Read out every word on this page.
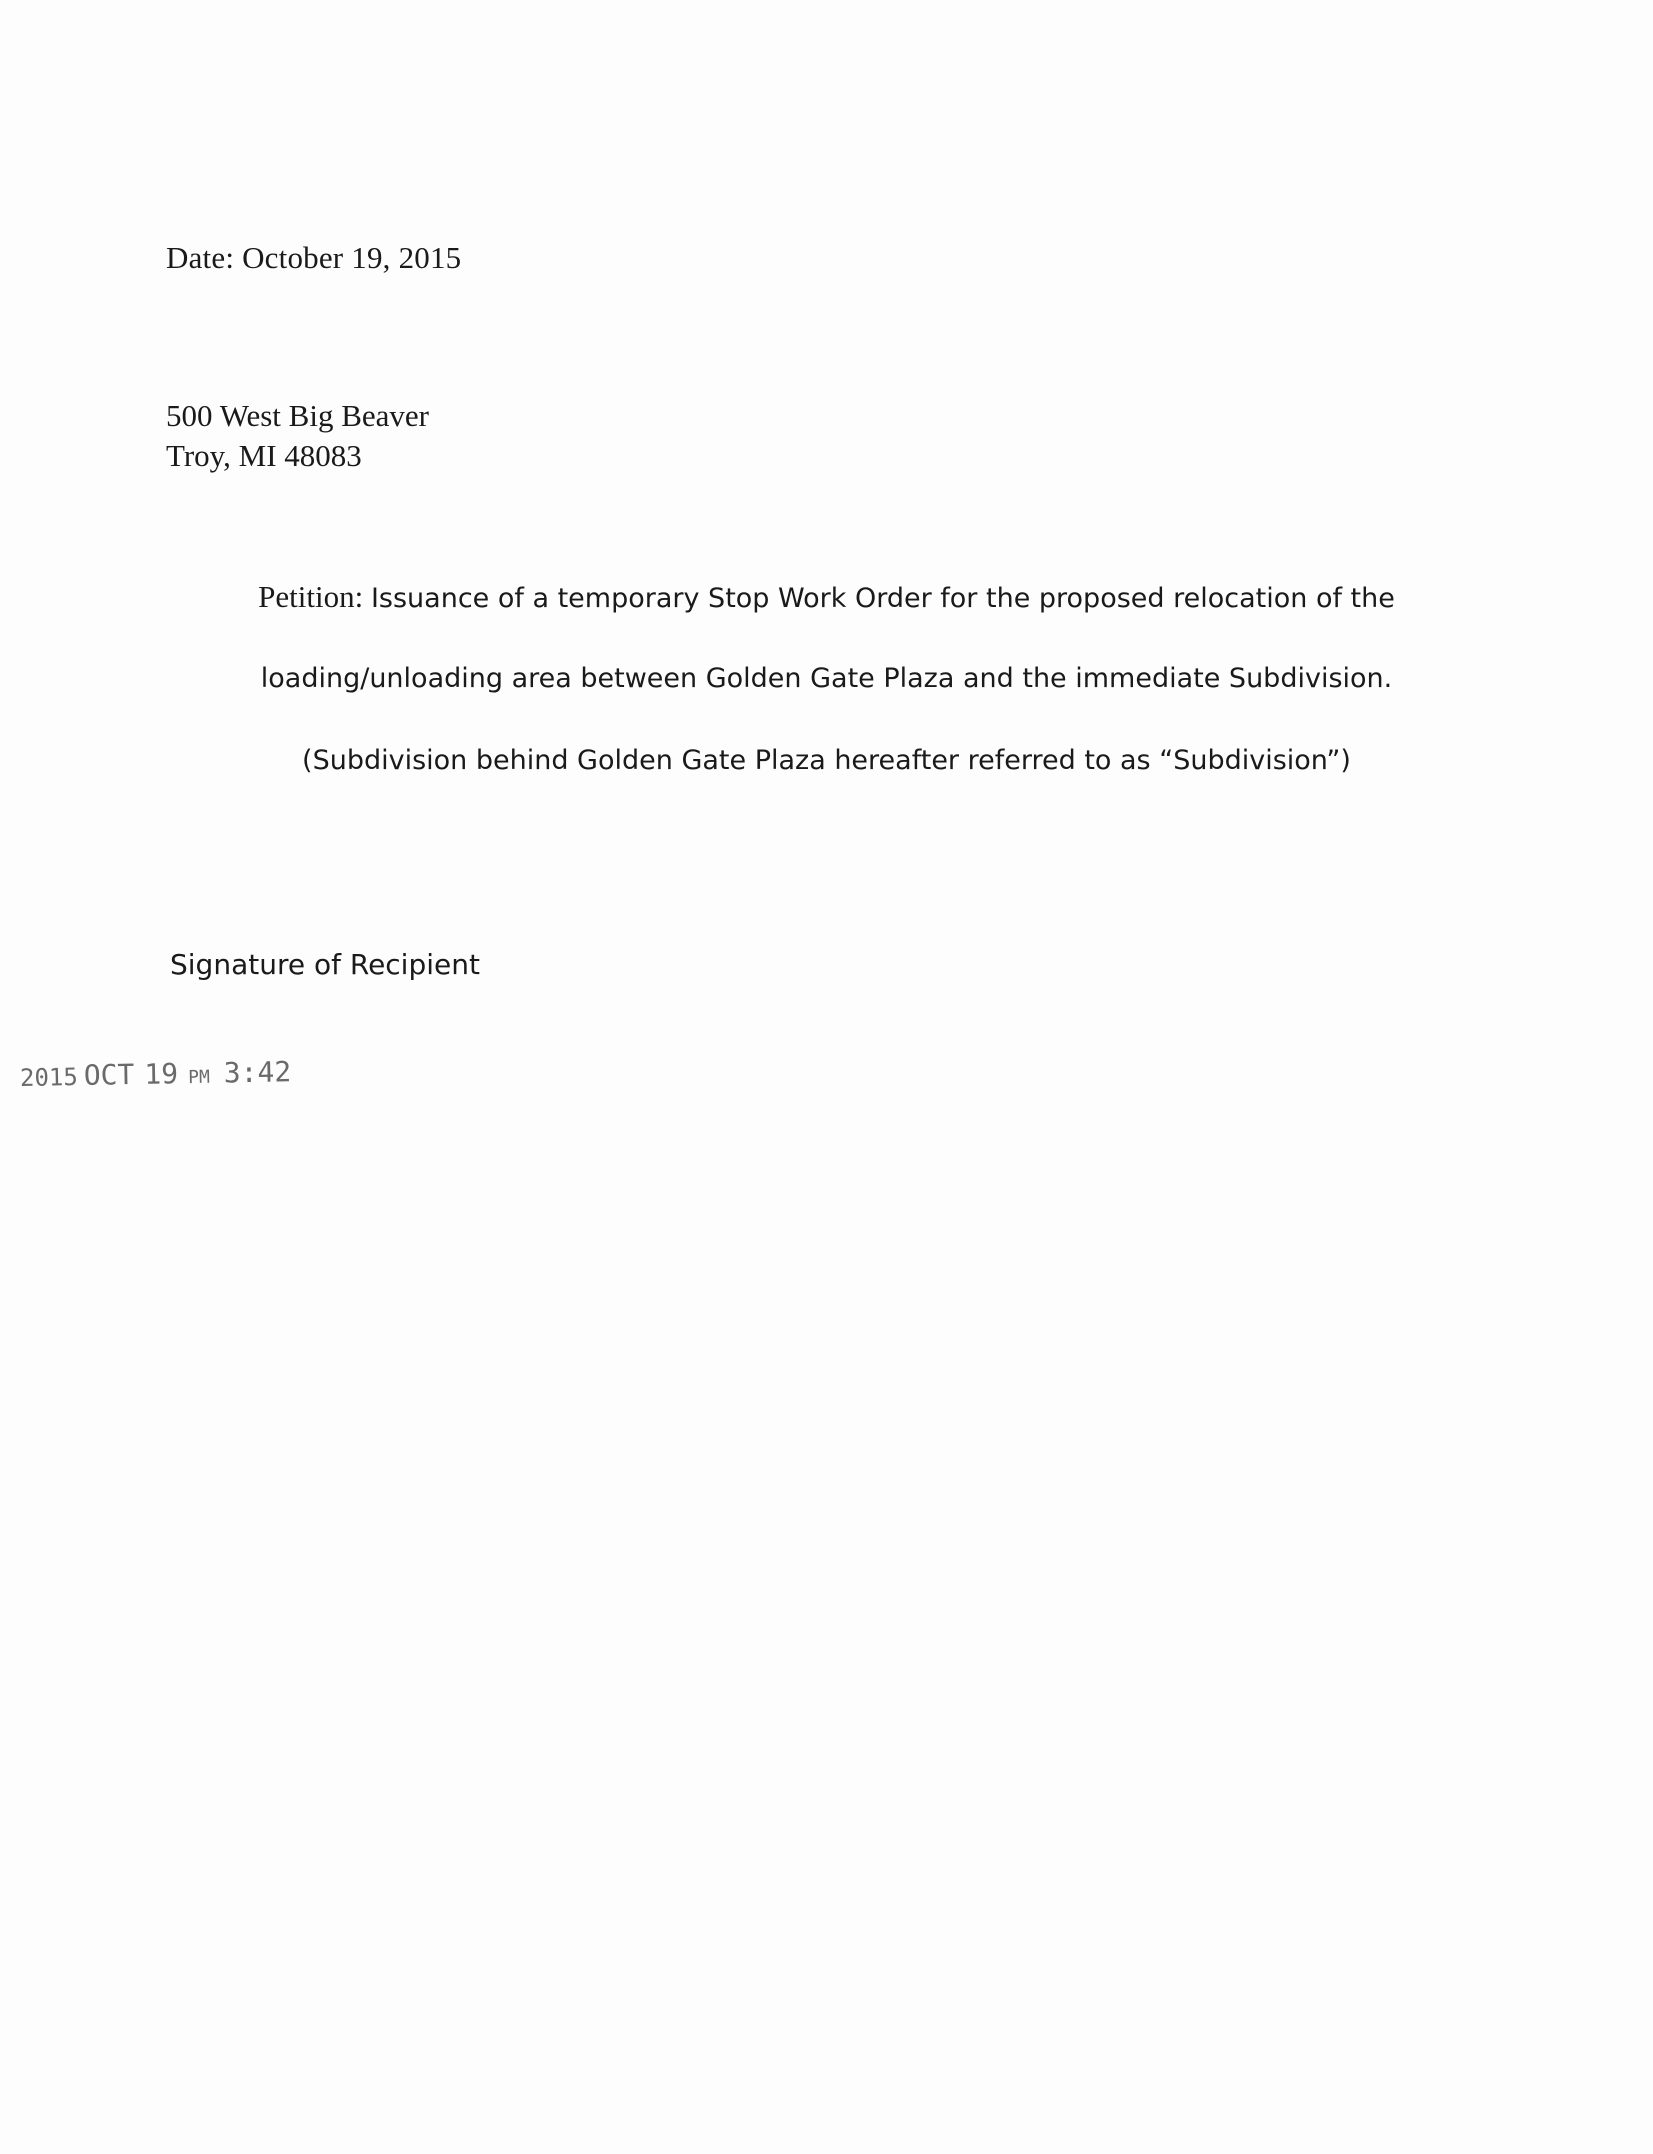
Date: October 19, 2015
500 West Big Beaver
Troy, MI 48083
Petition: Issuance of a temporary Stop Work Order for the proposed relocation of the
loading/unloading area between Golden Gate Plaza and the immediate Subdivision.
(Subdivision behind Golden Gate Plaza hereafter referred to as “Subdivision”)
Signature of Recipient
2015 OCT 19 PM 3:42
